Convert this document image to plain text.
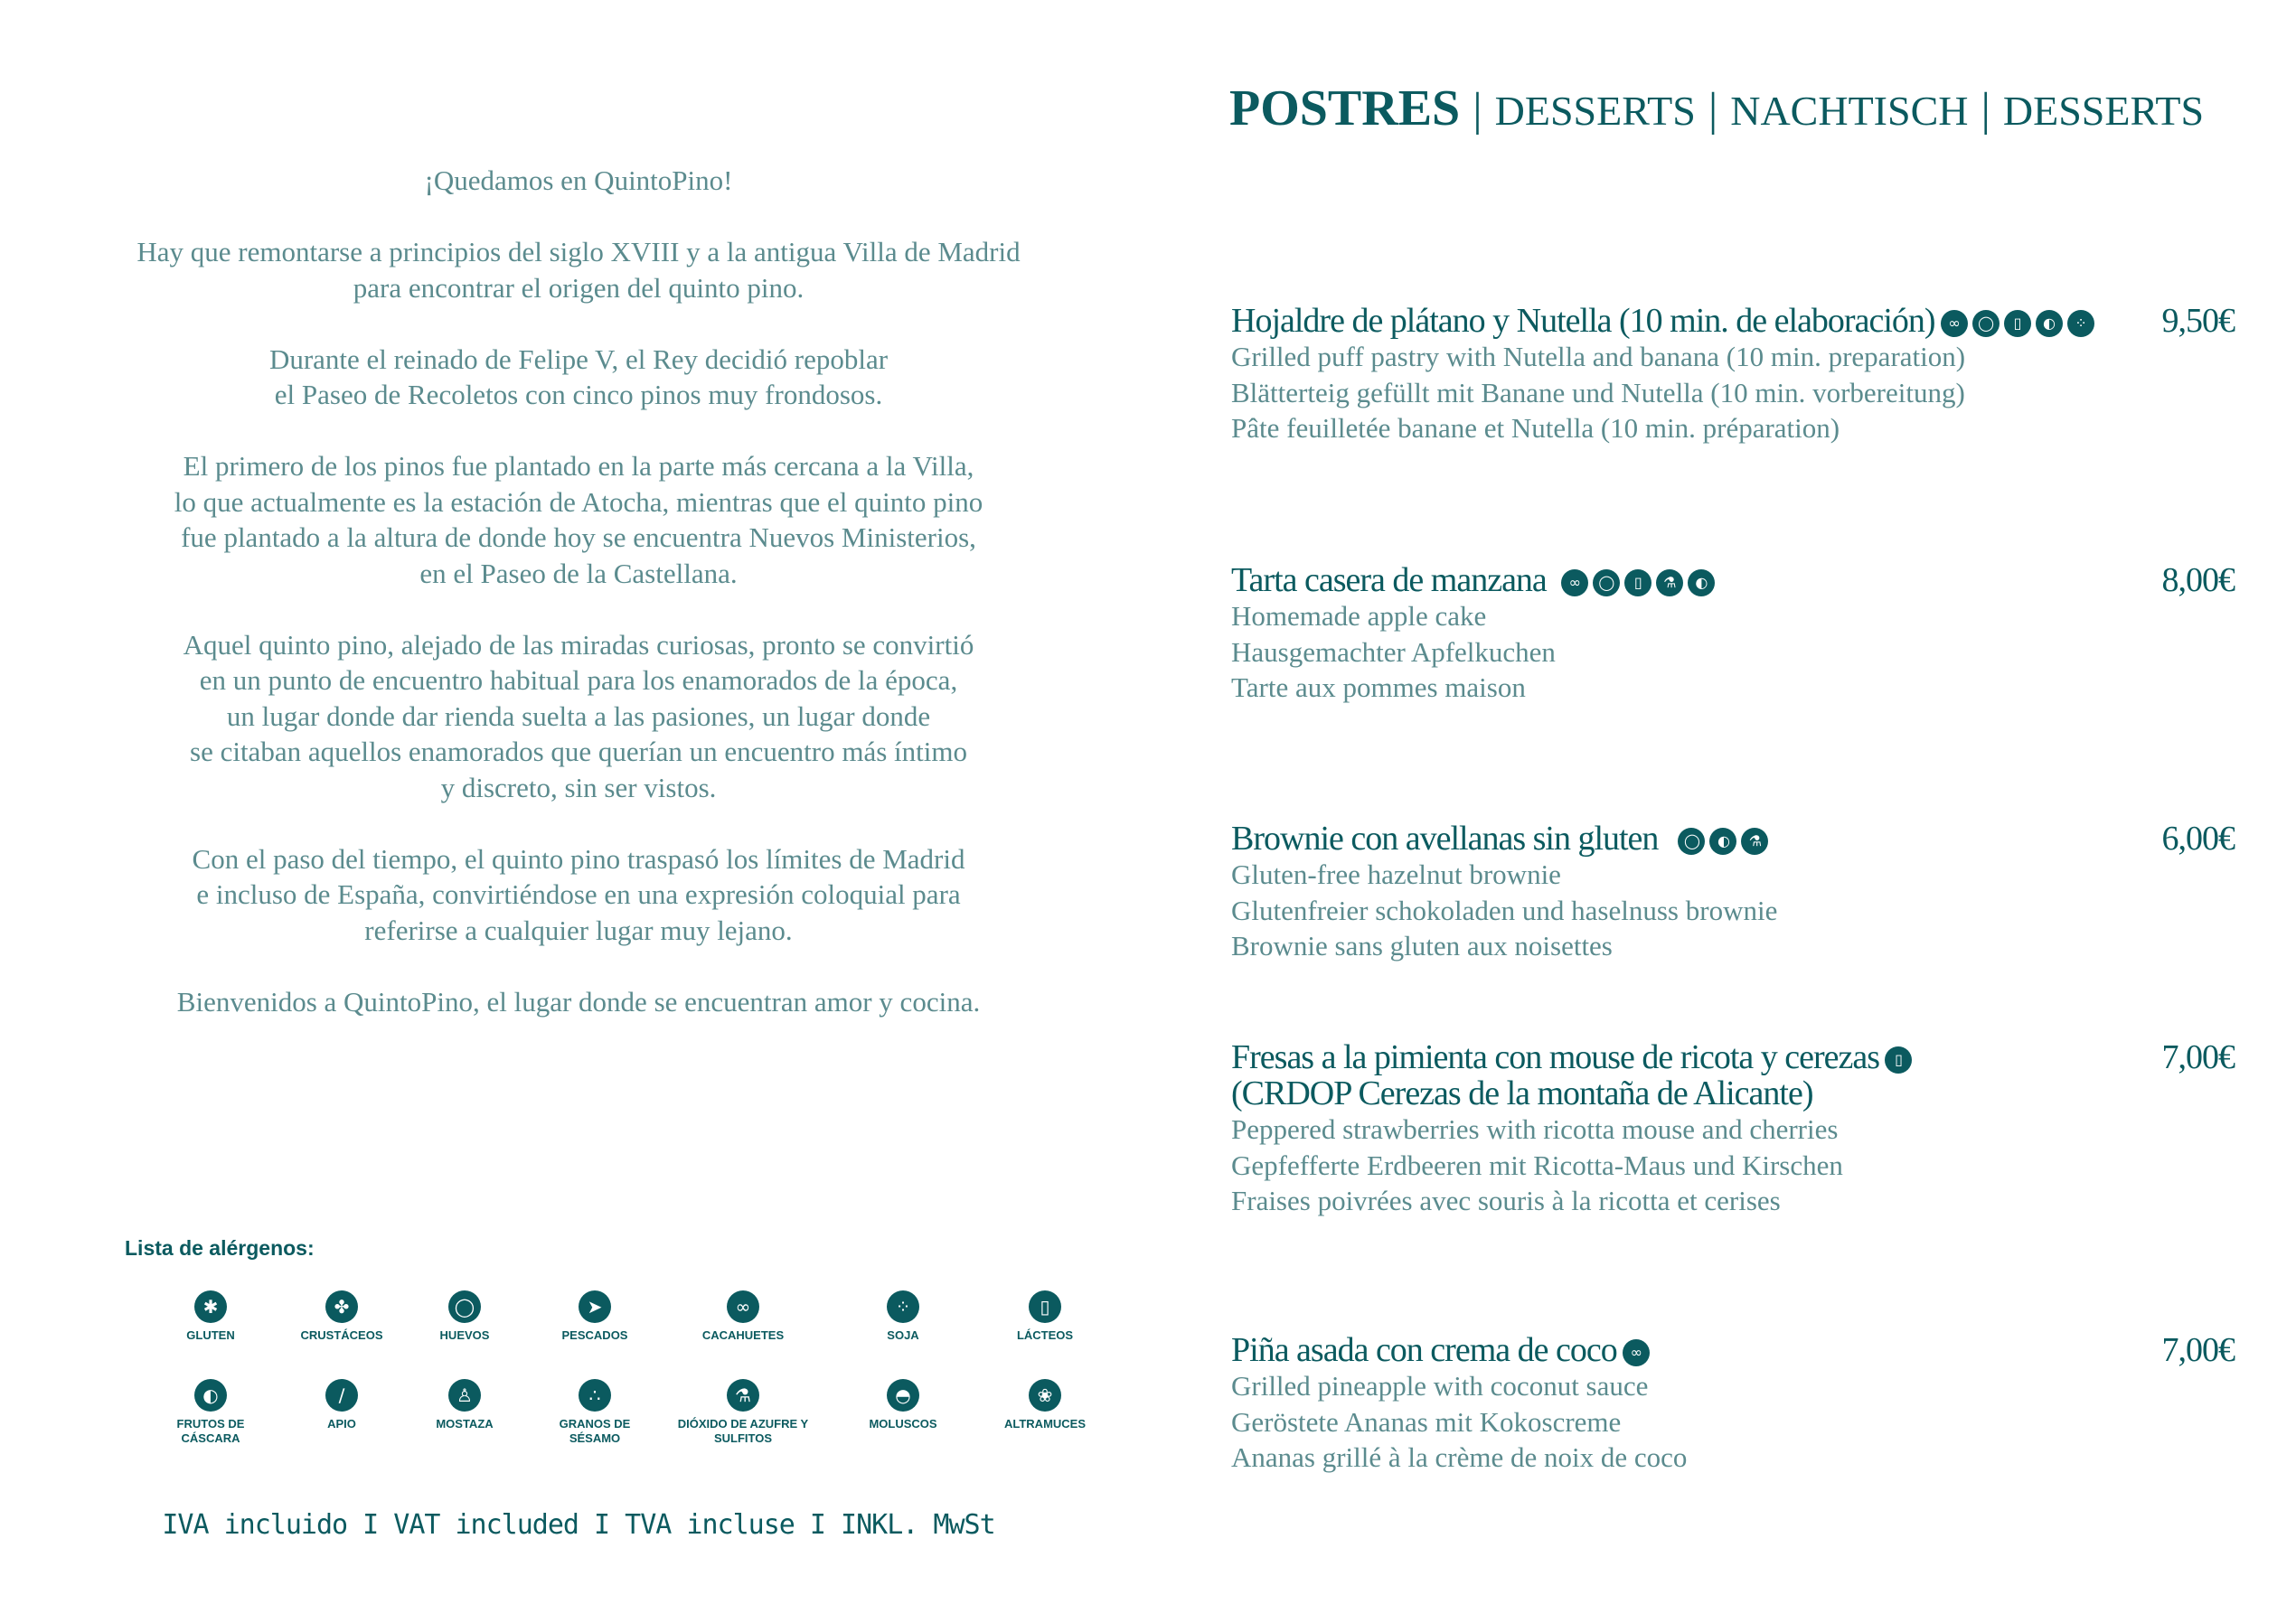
¡Quedamos en QuintoPino!

Hay que remontarse a principios del siglo XVIII y a la antigua Villa de Madrid
para encontrar el origen del quinto pino.

Durante el reinado de Felipe V, el Rey decidió repoblar
el Paseo de Recoletos con cinco pinos muy frondosos.

El primero de los pinos fue plantado en la parte más cercana a la Villa,
lo que actualmente es la estación de Atocha, mientras que el quinto pino
fue plantado a la altura de donde hoy se encuentra Nuevos Ministerios,
en el Paseo de la Castellana.

Aquel quinto pino, alejado de las miradas curiosas, pronto se convirtió
en un punto de encuentro habitual para los enamorados de la época,
un lugar donde dar rienda suelta a las pasiones, un lugar donde
se citaban aquellos enamorados que querían un encuentro más íntimo
y discreto, sin ser vistos.

Con el paso del tiempo, el quinto pino traspasó los límites de Madrid
e incluso de España, convirtiéndose en una expresión coloquial para
referirse a cualquier lugar muy lejano.

Bienvenidos a QuintoPino, el lugar donde se encuentran amor y cocina.

Lista de alérgenos:
✱
GLUTEN
✤
CRUSTÁCEOS
◯
HUEVOS
➤
PESCADOS
∞
CACAHUETES
⁘
SOJA
▯
LÁCTEOS
◐
FRUTOS DE CÁSCARA
∕
APIO
♙
MOSTAZA
∴
GRANOS DE SÉSAMO
⚗
DIÓXIDO DE AZUFRE Y SULFITOS
◓
MOLUSCOS
❀
ALTRAMUCES
IVA incluido I VAT included I TVA incluse I INKL. MwSt
POSTRES | DESSERTS | NACHTISCH | DESSERTS
Hojaldre de plátano y Nutella (10 min. de elaboración) ∞	◯	▯	◐	⁘ 9,50€
Grilled puff pastry with Nutella and banana (10 min. preparation)
Blätterteig gefüllt mit Banane und Nutella (10 min. vorbereitung)
Pâte feuilletée banane et Nutella (10 min. préparation)
Tarta casera de manzana	∞	◯	▯	⚗	◐	8,00€
Homemade apple cake
Hausgemachter Apfelkuchen
Tarte aux pommes maison
Brownie con avellanas sin gluten	◯	◐	⚗	6,00€
Gluten-free hazelnut brownie
Glutenfreier schokoladen und haselnuss brownie
Brownie sans gluten aux noisettes
Fresas a la pimienta con mouse de ricota y cerezas	▯
(CRDOP Cerezas de la montaña de Alicante)
7,00€
Peppered strawberries with ricotta mouse and cherries
Gepfefferte Erdbeeren mit Ricotta-Maus und Kirschen
Fraises poivrées avec souris à la ricotta et cerises
Piña asada con crema de coco ∞	7,00€
Grilled pineapple with coconut sauce
Geröstete Ananas mit Kokoscreme
Ananas grillé à la crème de noix de coco
